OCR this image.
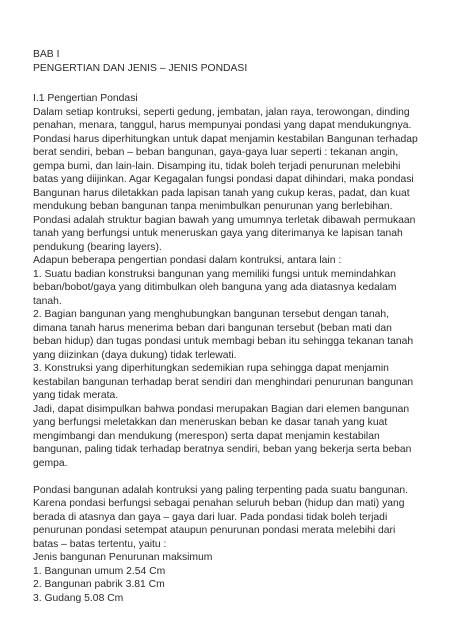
BAB I
PENGERTIAN DAN JENIS – JENIS PONDASI
I.1 Pengertian Pondasi
Dalam setiap kontruksi, seperti gedung, jembatan, jalan raya, terowongan, dinding
penahan, menara, tanggul, harus mempunyai pondasi yang dapat mendukungnya.
Pondasi harus diperhitungkan untuk dapat menjamin kestabilan Bangunan terhadap
berat sendiri, beban – beban bangunan, gaya-gaya luar seperti : tekanan angin,
gempa bumi, dan lain-lain. Disamping itu, tidak boleh terjadi penurunan melebihi
batas yang diijinkan. Agar Kegagalan fungsi pondasi dapat dihindari, maka pondasi
Bangunan harus diletakkan pada lapisan tanah yang cukup keras, padat, dan kuat
mendukung beban bangunan tanpa menimbulkan penurunan yang berlebihan.
Pondasi adalah struktur bagian bawah yang umumnya terletak dibawah permukaan
tanah yang berfungsi untuk meneruskan gaya yang diterimanya ke lapisan tanah
pendukung (bearing layers).
Adapun beberapa pengertian pondasi dalam kontruksi, antara lain :
1. Suatu badian konstruksi bangunan yang memiliki fungsi untuk memindahkan
beban/bobot/gaya yang ditimbulkan oleh banguna yang ada diatasnya kedalam
tanah.
2. Bagian bangunan yang menghubungkan bangunan tersebut dengan tanah,
dimana tanah harus menerima beban dari bangunan tersebut (beban mati dan
beban hidup) dan tugas pondasi untuk membagi beban itu sehingga tekanan tanah
yang diizinkan (daya dukung) tidak terlewati.
3. Konstruksi yang diperhitungkan sedemikian rupa sehingga dapat menjamin
kestabilan bangunan terhadap berat sendiri dan menghindari penurunan bangunan
yang tidak merata.
Jadi, dapat disimpulkan bahwa pondasi merupakan Bagian dari elemen bangunan
yang berfungsi meletakkan dan meneruskan beban ke dasar tanah yang kuat
mengimbangi dan mendukung (merespon) serta dapat menjamin kestabilan
bangunan, paling tidak terhadap beratnya sendiri, beban yang bekerja serta beban
gempa.
Pondasi bangunan adalah kontruksi yang paling terpenting pada suatu bangunan.
Karena pondasi berfungsi sebagai penahan seluruh beban (hidup dan mati) yang
berada di atasnya dan gaya – gaya dari luar. Pada pondasi tidak boleh terjadi
penurunan pondasi setempat ataupun penurunan pondasi merata melebihi dari
batas – batas tertentu, yaitu :
Jenis bangunan Penurunan maksimum
1. Bangunan umum 2.54 Cm
2. Bangunan pabrik 3.81 Cm
3. Gudang 5.08 Cm
